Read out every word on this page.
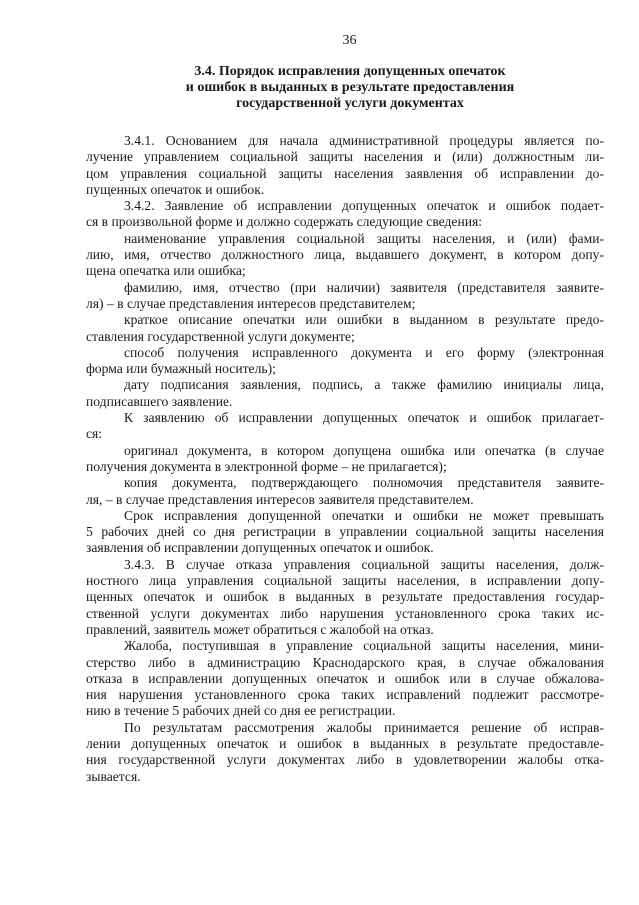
36
3.4. Порядок исправления допущенных опечаток
и ошибок в выданных в результате предоставления
государственной услуги документах
3.4.1. Основанием для начала административной процедуры является по-
лучение управлением социальной защиты населения и (или) должностным ли-
цом управления социальной защиты населения заявления об исправлении до-
пущенных опечаток и ошибок.
3.4.2. Заявление об исправлении допущенных опечаток и ошибок подает-
ся в произвольной форме и должно содержать следующие сведения:
наименование управления социальной защиты населения, и (или) фами-
лию, имя, отчество должностного лица, выдавшего документ, в котором допу-
щена опечатка или ошибка;
фамилию, имя, отчество (при наличии) заявителя (представителя заявите-
ля) – в случае представления интересов представителем;
краткое описание опечатки или ошибки в выданном в результате предо-
ставления государственной услуги документе;
способ получения исправленного документа и его форму (электронная
форма или бумажный носитель);
дату подписания заявления, подпись, а также фамилию инициалы лица,
подписавшего заявление.
К заявлению об исправлении допущенных опечаток и ошибок прилагает-
ся:
оригинал документа, в котором допущена ошибка или опечатка (в случае
получения документа в электронной форме – не прилагается);
копия документа, подтверждающего полномочия представителя заявите-
ля, – в случае представления интересов заявителя представителем.
Срок исправления допущенной опечатки и ошибки не может превышать
5 рабочих дней со дня регистрации в управлении социальной защиты населения
заявления об исправлении допущенных опечаток и ошибок.
3.4.3. В случае отказа управления социальной защиты населения, долж-
ностного лица управления социальной защиты населения, в исправлении допу-
щенных опечаток и ошибок в выданных в результате предоставления государ-
ственной услуги документах либо нарушения установленного срока таких ис-
правлений, заявитель может обратиться с жалобой на отказ.
Жалоба, поступившая в управление социальной защиты населения, мини-
стерство либо в администрацию Краснодарского края, в случае обжалования
отказа в исправлении допущенных опечаток и ошибок или в случае обжалова-
ния нарушения установленного срока таких исправлений подлежит рассмотре-
нию в течение 5 рабочих дней со дня ее регистрации.
По результатам рассмотрения жалобы принимается решение об исправ-
лении допущенных опечаток и ошибок в выданных в результате предоставле-
ния государственной услуги документах либо в удовлетворении жалобы отка-
зывается.
